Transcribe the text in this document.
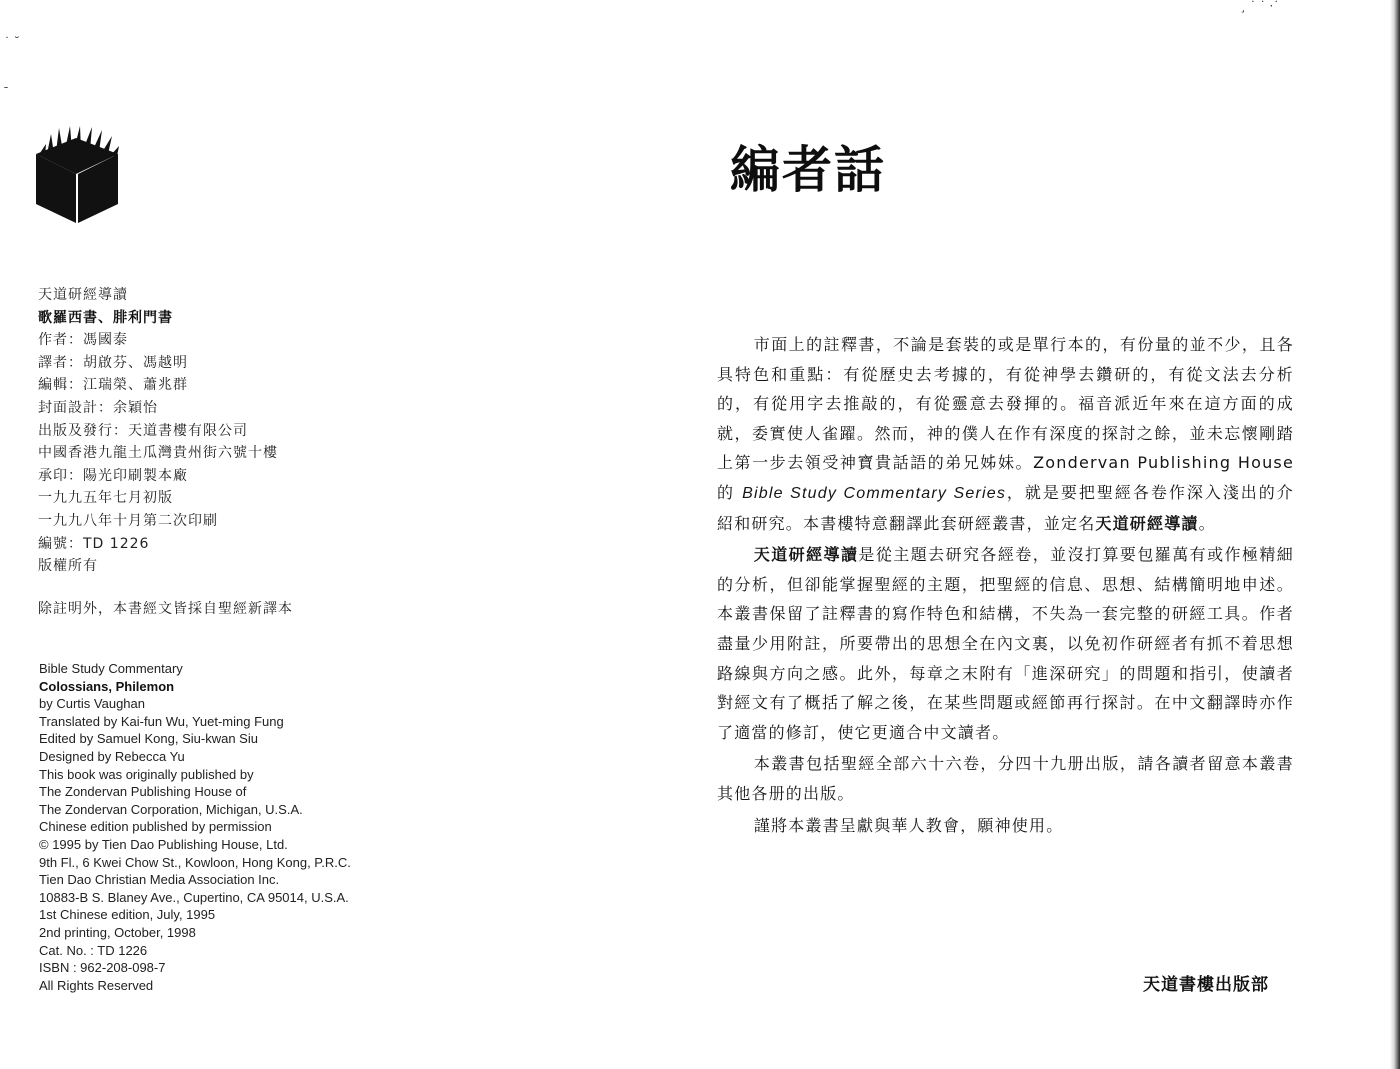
˙ ˘
ˍ
天道研經導讀
歌羅西書、腓利門書
作者：馮國泰
譯者：胡啟芬、馮越明
編輯：江瑞榮、蕭兆群
封面設計：余穎怡
出版及發行：天道書樓有限公司
中國香港九龍土瓜灣貴州街六號十樓
承印：陽光印刷製本廠
一九九五年七月初版
一九九八年十月第二次印刷
編號：TD 1226
版權所有
除註明外，本書經文皆採自聖經新譯本
Bible Study Commentary
Colossians, Philemon
by Curtis Vaughan
Translated by Kai-fun Wu, Yuet-ming Fung
Edited by Samuel Kong, Siu-kwan Siu
Designed by Rebecca Yu
This book was originally published by
The Zondervan Publishing House of
The Zondervan Corporation, Michigan, U.S.A.
Chinese edition published by permission
© 1995 by Tien Dao Publishing House, Ltd.
9th Fl., 6 Kwei Chow St., Kowloon, Hong Kong, P.R.C.
Tien Dao Christian Media Association Inc.
10883-B S. Blaney Ave., Cupertino, CA 95014, U.S.A.
1st Chinese edition, July, 1995
2nd printing, October, 1998
Cat. No. : TD 1226
ISBN : 962-208-098-7
All Rights Reserved
¸ ˙ ˙ ·˙
編者話

市面上的註釋書，不論是套裝的或是單行本的，有份量的並不少，且各具特色和重點：有從歷史去考據的，有從神學去鑽研的，有從文法去分析的，有從用字去推敲的，有從靈意去發揮的。福音派近年來在這方面的成就，委實使人雀躍。然而，神的僕人在作有深度的探討之餘，並未忘懷剛踏上第一步去領受神寶貴話語的弟兄姊妹。Zondervan Publishing House 的 Bible Study Commentary Series，就是要把聖經各卷作深入淺出的介紹和研究。本書樓特意翻譯此套研經叢書，並定名天道研經導讀。

天道研經導讀是從主題去研究各經卷，並沒打算要包羅萬有或作極精細的分析，但卻能掌握聖經的主題，把聖經的信息、思想、結構簡明地申述。本叢書保留了註釋書的寫作特色和結構，不失為一套完整的研經工具。作者盡量少用附註，所要帶出的思想全在內文裏，以免初作研經者有抓不着思想路線與方向之感。此外，每章之末附有「進深研究」的問題和指引，使讀者對經文有了概括了解之後，在某些問題或經節再行探討。在中文翻譯時亦作了適當的修訂，使它更適合中文讀者。

本叢書包括聖經全部六十六卷，分四十九册出版，請各讀者留意本叢書其他各册的出版。

謹將本叢書呈獻與華人教會，願神使用。

天道書樓出版部
